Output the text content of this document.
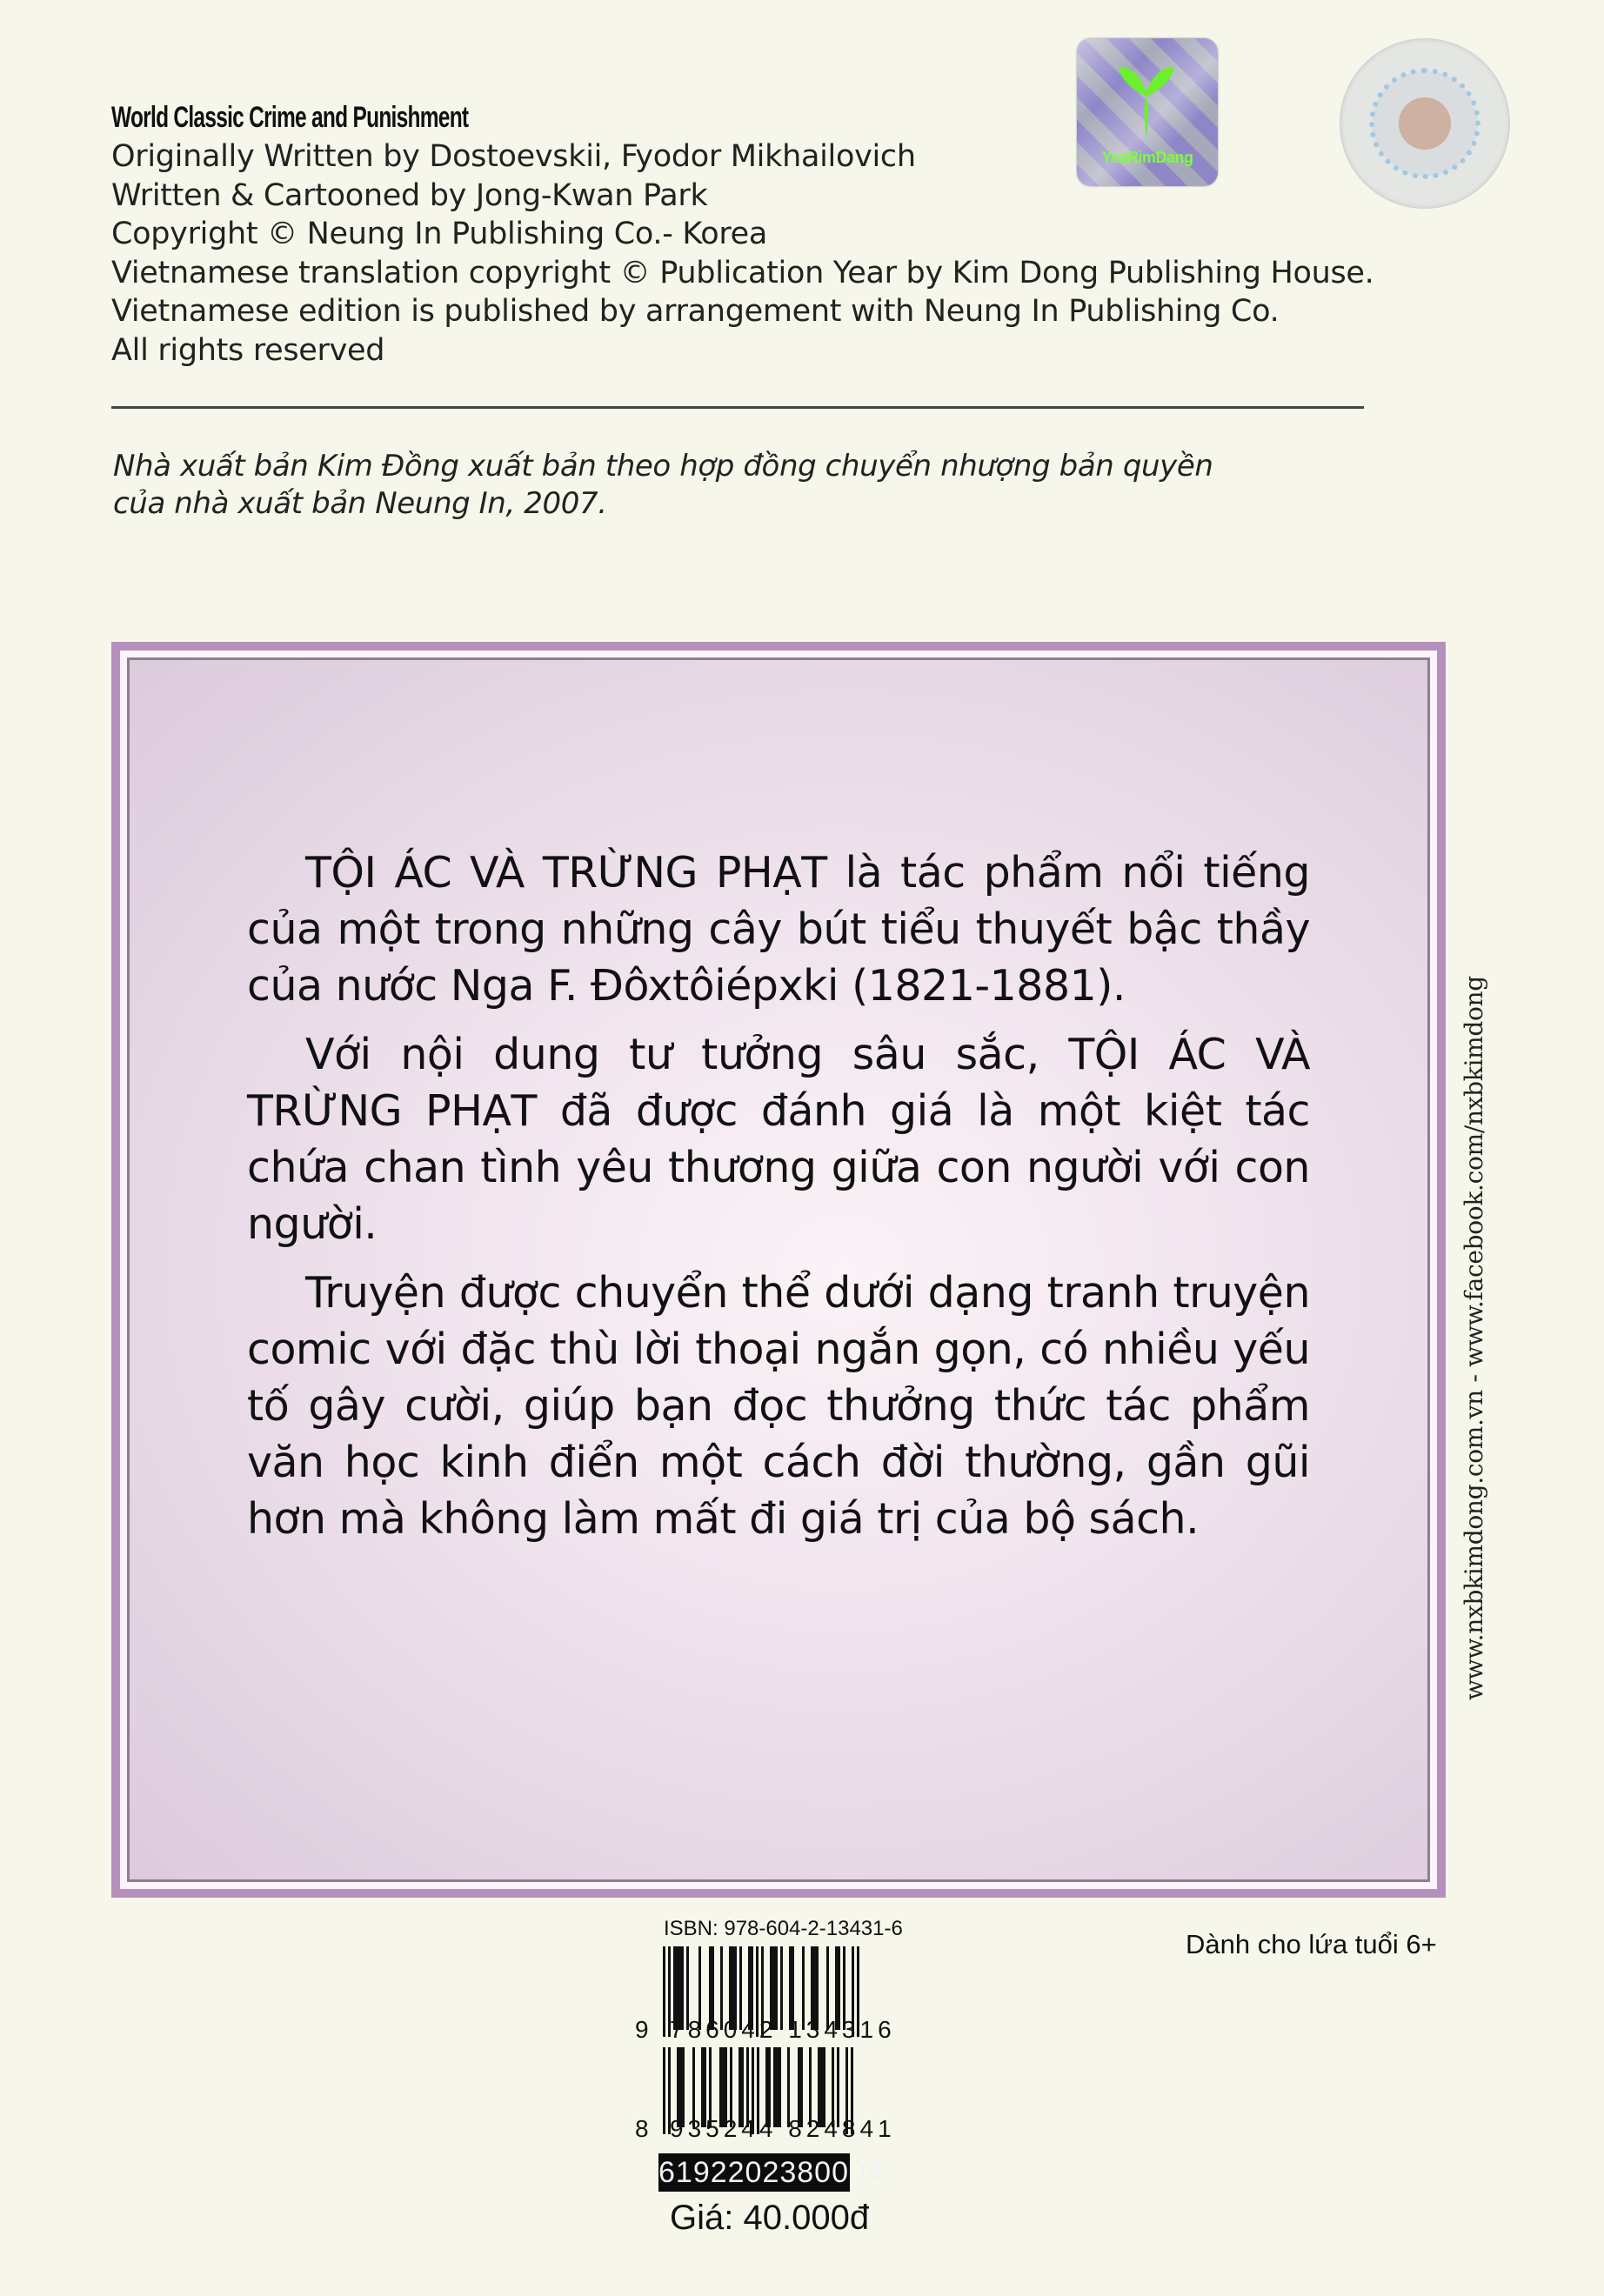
World Classic Crime and Punishment
Originally Written by Dostoevskii, Fyodor Mikhailovich
Written & Cartooned by Jong-Kwan Park
Copyright © Neung In Publishing Co.- Korea
Vietnamese translation copyright © Publication Year by Kim Dong Publishing House.
Vietnamese edition is published by arrangement with Neung In Publishing Co.
All rights reserved
YeaRimDang
Nhà xuất bản Kim Đồng xuất bản theo hợp đồng chuyển nhượng bản quyền
của nhà xuất bản Neung In, 2007.

TỘI ÁC VÀ TRỪNG PHẠT là tác phẩm nổi tiếng của một trong những cây bút tiểu thuyết bậc thầy của nước Nga F. Đôxtôiépxki (1821-1881).

Với nội dung tư tưởng sâu sắc, TỘI ÁC VÀ TRỪNG PHẠT đã được đánh giá là một kiệt tác chứa chan tình yêu thương giữa con người với con người.

Truyện được chuyển thể dưới dạng tranh truyện comic với đặc thù lời thoại ngắn gọn, có nhiều yếu tố gây cười, giúp bạn đọc thưởng thức tác phẩm văn học kinh điển một cách đời thường, gần gũi hơn mà không làm mất đi giá trị của bộ sách.	www.nxbkimdong.com.vn - www.facebook.com/nxbkimdong
ISBN: 978-604-2-13431-6
9 786042 134316
8 935244 824841
6192202380004
Giá: 40.000đ
Dành cho lứa tuổi 6+
